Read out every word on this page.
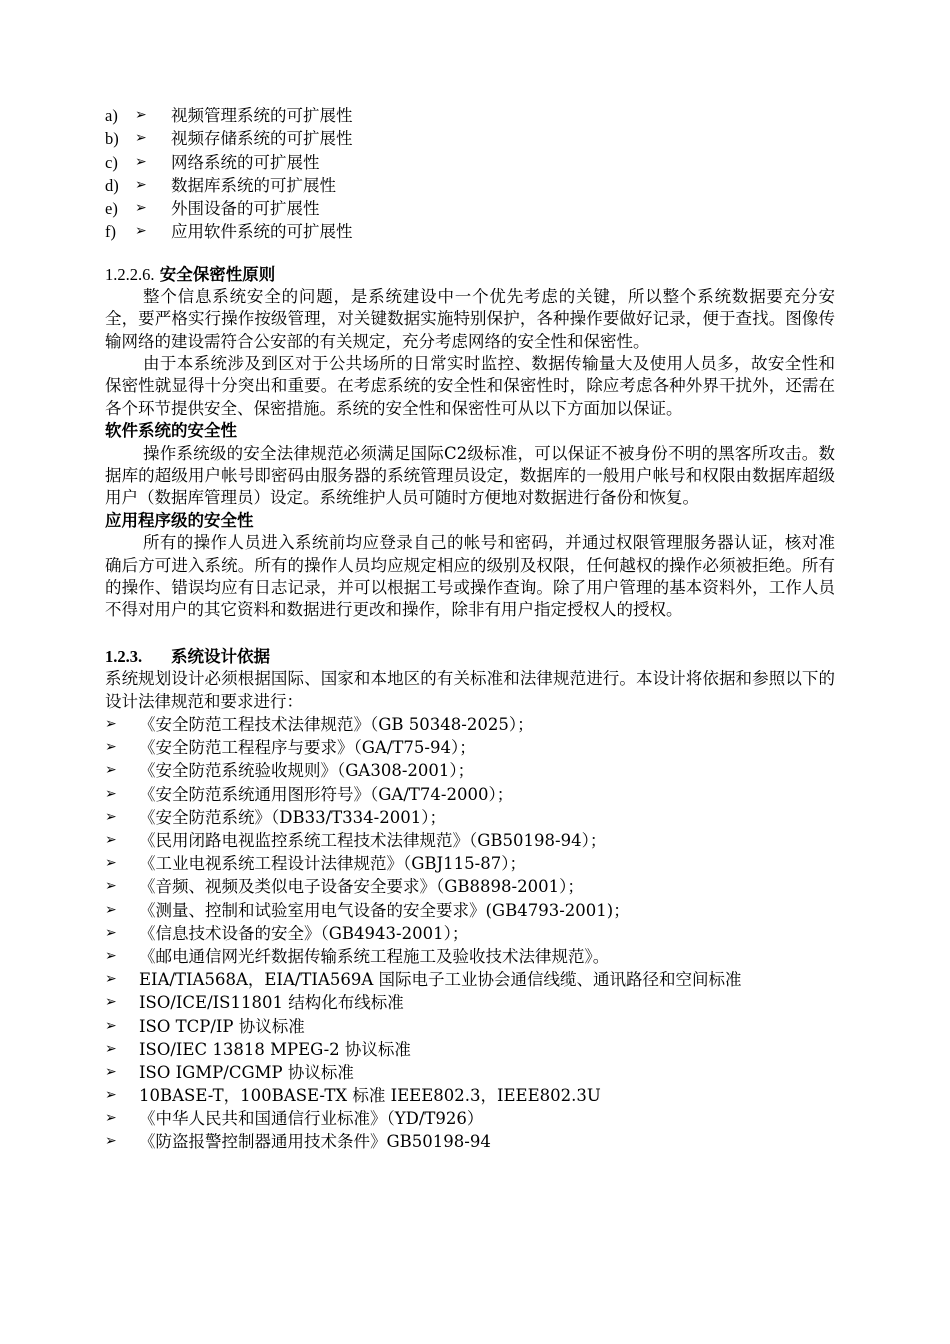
a)	➢	视频管理系统的可扩展性
b)	➢	视频存储系统的可扩展性
c)	➢	网络系统的可扩展性
d)	➢	数据库系统的可扩展性
e)	➢	外围设备的可扩展性
f)	➢	应用软件系统的可扩展性
1.2.2.6. 安全保密性原则

整个信息系统安全的问题，是系统建设中一个优先考虑的关键，所以整个系统数据要充分安全，要严格实行操作按级管理，对关键数据实施特别保护，各种操作要做好记录，便于查找。图像传输网络的建设需符合公安部的有关规定，充分考虑网络的安全性和保密性。

由于本系统涉及到区对于公共场所的日常实时监控、数据传输量大及使用人员多，故安全性和保密性就显得十分突出和重要。在考虑系统的安全性和保密性时，除应考虑各种外界干扰外，还需在各个环节提供安全、保密措施。系统的安全性和保密性可从以下方面加以保证。

软件系统的安全性

操作系统级的安全法律规范必须满足国际C2级标准，可以保证不被身份不明的黑客所攻击。数据库的超级用户帐号即密码由服务器的系统管理员设定，数据库的一般用户帐号和权限由数据库超级用户（数据库管理员）设定。系统维护人员可随时方便地对数据进行备份和恢复。

应用程序级的安全性

所有的操作人员进入系统前均应登录自己的帐号和密码，并通过权限管理服务器认证，核对准确后方可进入系统。所有的操作人员均应规定相应的级别及权限，任何越权的操作必须被拒绝。所有的操作、错误均应有日志记录，并可以根据工号或操作查询。除了用户管理的基本资料外，工作人员不得对用户的其它资料和数据进行更改和操作，除非有用户指定授权人的授权。

1.2.3. 系统设计依据

系统规划设计必须根据国际、国家和本地区的有关标准和法律规范进行。本设计将依据和参照以下的设计法律规范和要求进行：

➢	《安全防范工程技术法律规范》（GB 50348-2025）；
➢	《安全防范工程程序与要求》（GA/T75-94）；
➢	《安全防范系统验收规则》（GA308-2001）；
➢	《安全防范系统通用图形符号》（GA/T74-2000）；
➢	《安全防范系统》（DB33/T334-2001）；
➢	《民用闭路电视监控系统工程技术法律规范》（GB50198-94）；
➢	《工业电视系统工程设计法律规范》（GBJ115-87）；
➢	《音频、视频及类似电子设备安全要求》（GB8898-2001）；
➢	《测量、控制和试验室用电气设备的安全要求》(GB4793-2001)；
➢	《信息技术设备的安全》（GB4943-2001）；
➢	《邮电通信网光纤数据传输系统工程施工及验收技术法律规范》。
➢	EIA/TIA568A，EIA/TIA569A 国际电子工业协会通信线缆、通讯路径和空间标准
➢	ISO/ICE/IS11801 结构化布线标准
➢	ISO TCP/IP 协议标准
➢	ISO/IEC 13818 MPEG-2 协议标准
➢	ISO IGMP/CGMP 协议标准
➢	10BASE-T，100BASE-TX 标准 IEEE802.3，IEEE802.3U
➢	《中华人民共和国通信行业标准》（YD/T926）
➢	《防盗报警控制器通用技术条件》GB50198-94
